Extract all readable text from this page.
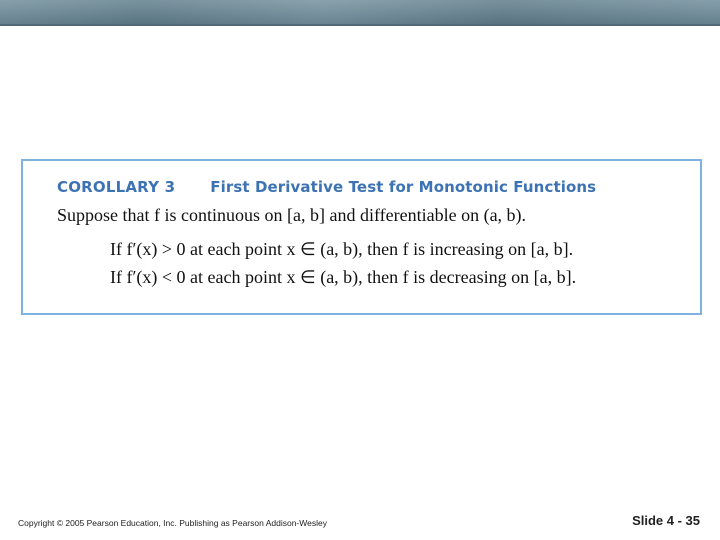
COROLLARY 3 First Derivative Test for Monotonic Functions
Suppose that f is continuous on [a, b] and differentiable on (a, b).
If f′(x) > 0 at each point x ∈ (a, b), then f is increasing on [a, b].
If f′(x) < 0 at each point x ∈ (a, b), then f is decreasing on [a, b].
Copyright © 2005 Pearson Education, Inc. Publishing as Pearson Addison-Wesley	Slide 4 - 35
